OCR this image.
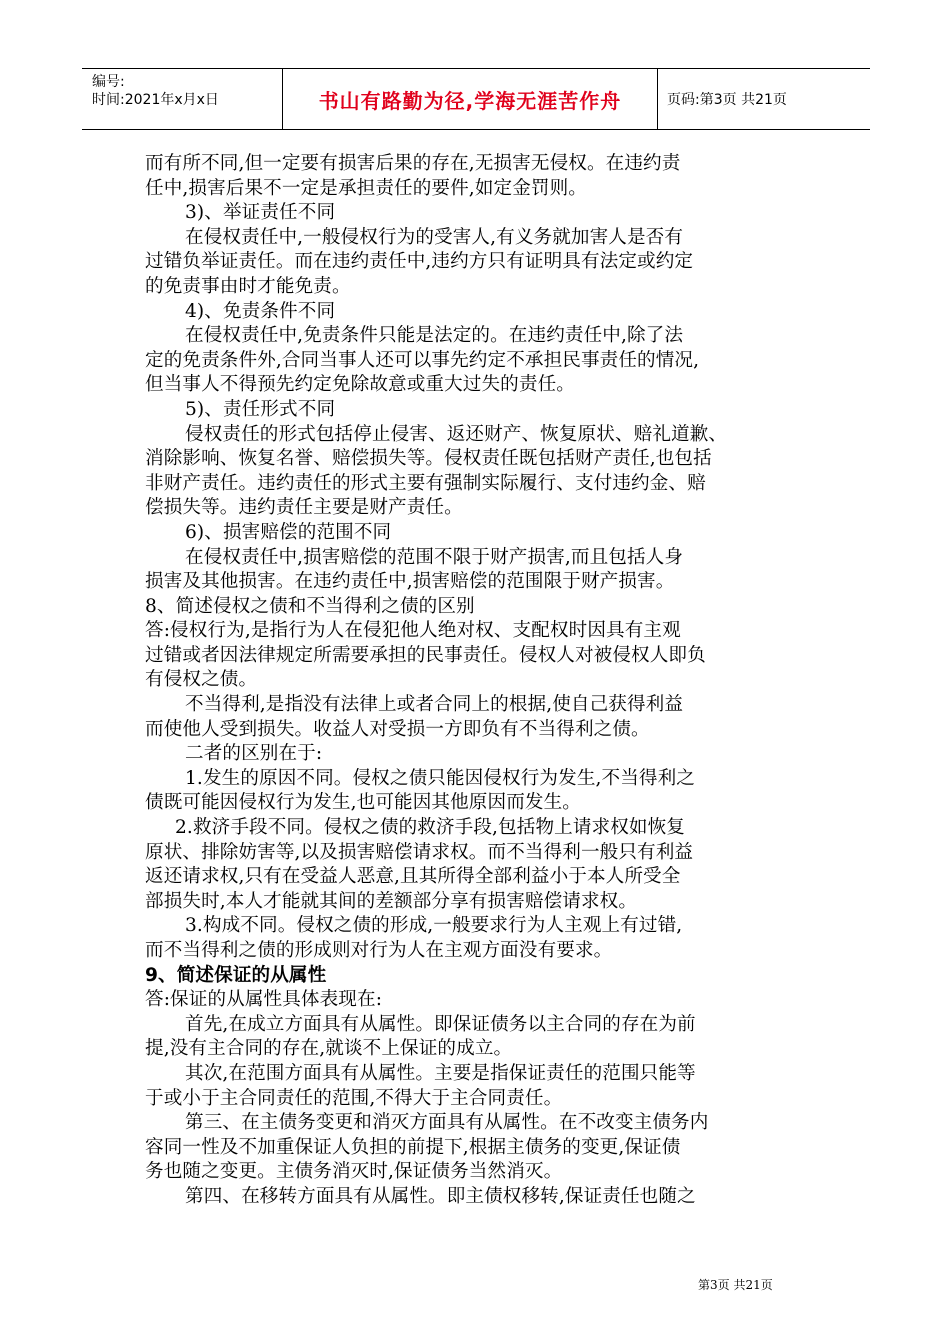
编号:
时间:2021年x月x日	书山有路勤为径,学海无涯苦作舟	页码:第3页 共21页
而有所不同,但一定要有损害后果的存在,无损害无侵权。在违约责
任中,损害后果不一定是承担责任的要件,如定金罚则。
3)、举证责任不同
在侵权责任中,一般侵权行为的受害人,有义务就加害人是否有
过错负举证责任。而在违约责任中,违约方只有证明具有法定或约定
的免责事由时才能免责。
4)、免责条件不同
在侵权责任中,免责条件只能是法定的。在违约责任中,除了法
定的免责条件外,合同当事人还可以事先约定不承担民事责任的情况,
但当事人不得预先约定免除故意或重大过失的责任。
5)、责任形式不同
侵权责任的形式包括停止侵害、返还财产、恢复原状、赔礼道歉、
消除影响、恢复名誉、赔偿损失等。侵权责任既包括财产责任,也包括
非财产责任。违约责任的形式主要有强制实际履行、支付违约金、赔
偿损失等。违约责任主要是财产责任。
6)、损害赔偿的范围不同
在侵权责任中,损害赔偿的范围不限于财产损害,而且包括人身
损害及其他损害。在违约责任中,损害赔偿的范围限于财产损害。
8、简述侵权之债和不当得利之债的区别
答:侵权行为,是指行为人在侵犯他人绝对权、支配权时因具有主观
过错或者因法律规定所需要承担的民事责任。侵权人对被侵权人即负
有侵权之债。
不当得利,是指没有法律上或者合同上的根据,使自己获得利益
而使他人受到损失。收益人对受损一方即负有不当得利之债。
二者的区别在于:
1.发生的原因不同。侵权之债只能因侵权行为发生,不当得利之
债既可能因侵权行为发生,也可能因其他原因而发生。
2.救济手段不同。侵权之债的救济手段,包括物上请求权如恢复
原状、排除妨害等,以及损害赔偿请求权。而不当得利一般只有利益
返还请求权,只有在受益人恶意,且其所得全部利益小于本人所受全
部损失时,本人才能就其间的差额部分享有损害赔偿请求权。
3.构成不同。侵权之债的形成,一般要求行为人主观上有过错,
而不当得利之债的形成则对行为人在主观方面没有要求。
9、简述保证的从属性
答:保证的从属性具体表现在:
首先,在成立方面具有从属性。即保证债务以主合同的存在为前
提,没有主合同的存在,就谈不上保证的成立。
其次,在范围方面具有从属性。主要是指保证责任的范围只能等
于或小于主合同责任的范围,不得大于主合同责任。
第三、在主债务变更和消灭方面具有从属性。在不改变主债务内
容同一性及不加重保证人负担的前提下,根据主债务的变更,保证债
务也随之变更。主债务消灭时,保证债务当然消灭。
第四、在移转方面具有从属性。即主债权移转,保证责任也随之
第3页 共21页
